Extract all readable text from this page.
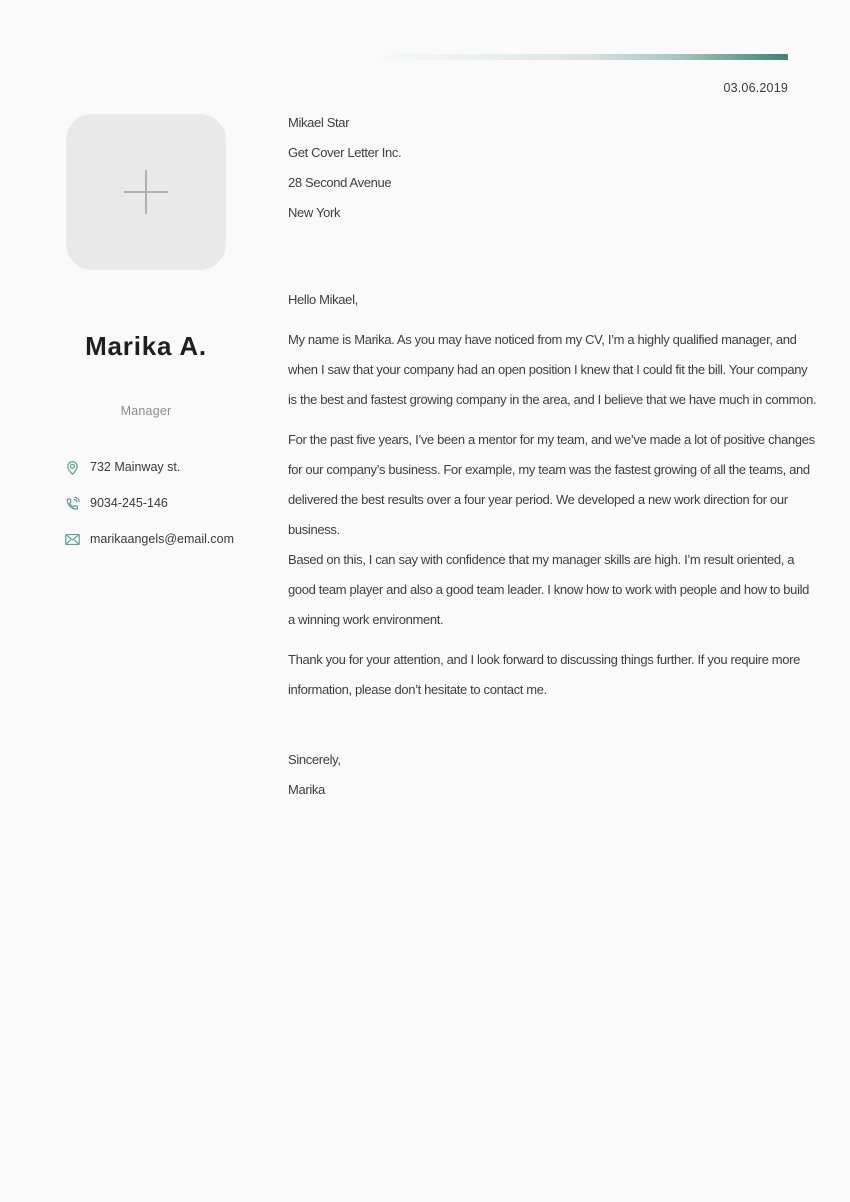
03.06.2019
Marika A.
Manager
732 Mainway st.
9034-245-146
marikaangels@email.com
Mikael Star
Get Cover Letter Inc.
28 Second Avenue
New York

Hello Mikael,

My name is Marika. As you may have noticed from my CV, I’m a highly qualified manager, and
when I saw that your company had an open position I knew that I could fit the bill. Your company
is the best and fastest growing company in the area, and I believe that we have much in common.

For the past five years, I’ve been a mentor for my team, and we’ve made a lot of positive changes
for our company’s business. For example, my team was the fastest growing of all the teams, and
delivered the best results over a four year period. We developed a new work direction for our
business.

Based on this, I can say with confidence that my manager skills are high. I’m result oriented, a
good team player and also a good team leader. I know how to work with people and how to build
a winning work environment.

Thank you for your attention, and I look forward to discussing things further. If you require more
information, please don’t hesitate to contact me.

Sincerely,

Marika
